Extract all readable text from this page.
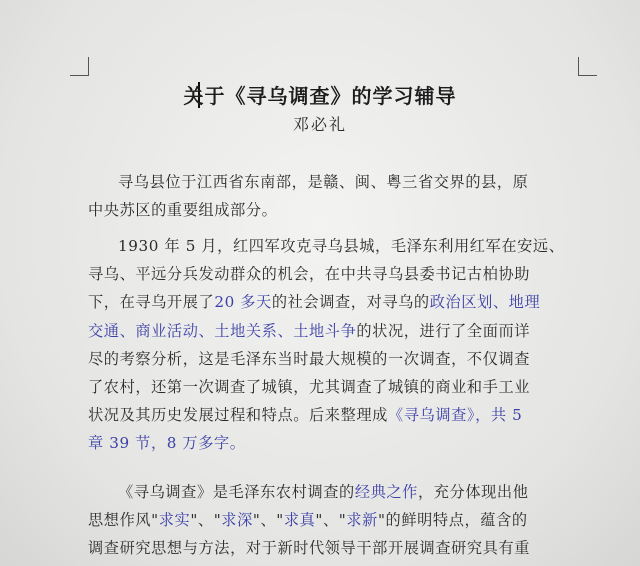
关于《寻乌调查》的学习辅导
邓必礼
寻乌县位于江西省东南部，是赣、闽、粤三省交界的县，原
中央苏区的重要组成部分。
1930 年 5 月，红四军攻克寻乌县城，毛泽东利用红军在安远、
寻乌、平远分兵发动群众的机会，在中共寻乌县委书记古柏协助
下，在寻乌开展了20 多天的社会调查，对寻乌的政治区划、地理
交通、商业活动、土地关系、土地斗争的状况，进行了全面而详
尽的考察分析，这是毛泽东当时最大规模的一次调查，不仅调查
了农村，还第一次调查了城镇，尤其调查了城镇的商业和手工业
状况及其历史发展过程和特点。后来整理成《寻乌调查》，共 5
章 39 节，8 万多字。
《寻乌调查》是毛泽东农村调查的经典之作，充分体现出他
思想作风"求实"、"求深"、"求真"、"求新"的鲜明特点，蕴含的
调查研究思想与方法，对于新时代领导干部开展调查研究具有重
